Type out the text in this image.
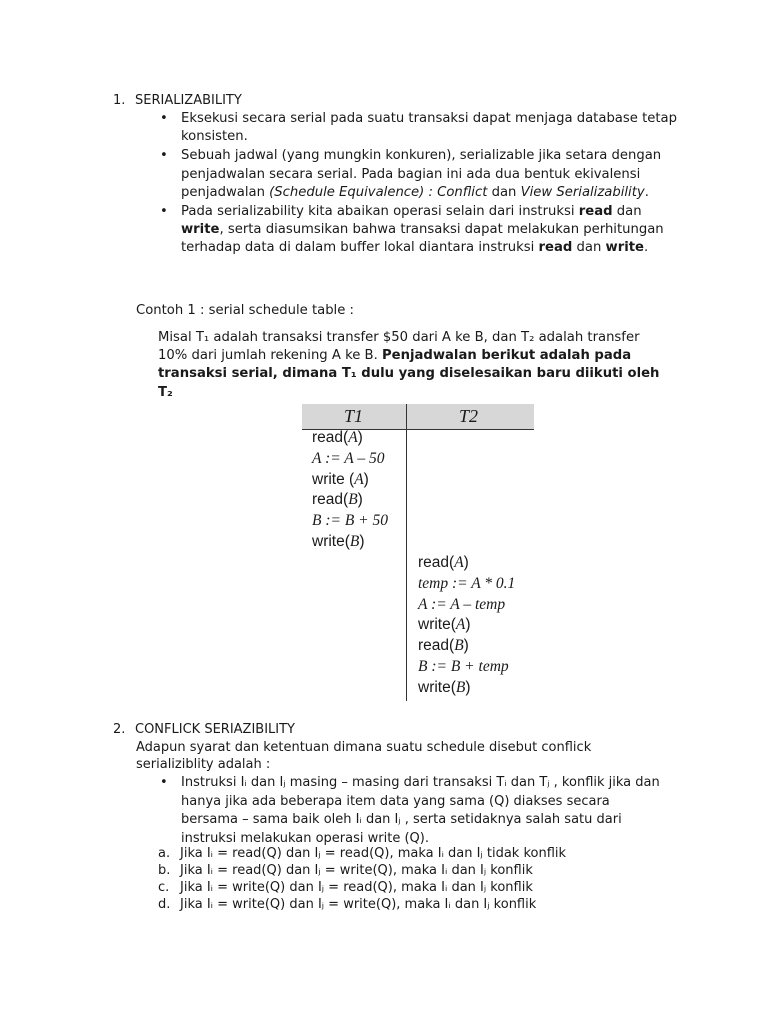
1. SERIALIZABILITY
• Eksekusi secara serial pada suatu transaksi dapat menjaga database tetap konsisten.
• Sebuah jadwal (yang mungkin konkuren), serializable jika setara dengan penjadwalan secara serial. Pada bagian ini ada dua bentuk ekivalensi penjadwalan (Schedule Equivalence) : Conflict dan View Serializability.
• Pada serializability kita abaikan operasi selain dari instruksi read dan write, serta diasumsikan bahwa transaksi dapat melakukan perhitungan terhadap data di dalam buffer lokal diantara instruksi read dan write.
Contoh 1 : serial schedule table :
Misal T₁ adalah transaksi transfer $50 dari A ke B, dan T₂ adalah transfer 10% dari jumlah rekening A ke B. Penjadwalan berikut adalah pada transaksi serial, dimana T₁ dulu yang diselesaikan baru diikuti oleh T₂
T1	T2
read(A)
A := A – 50
write (A)
read(B)
B := B + 50
write(B)
read(A)
temp := A * 0.1
A := A – temp
write(A)
read(B)
B := B + temp
write(B)
2. CONFLICK SERIAZIBILITY
Adapun syarat dan ketentuan dimana suatu schedule disebut conflick serializiblity adalah :
• Instruksi Iᵢ dan Iⱼ masing – masing dari transaksi Tᵢ dan Tⱼ , konflik jika dan hanya jika ada beberapa item data yang sama (Q) diakses secara bersama – sama baik oleh Iᵢ dan Iⱼ , serta setidaknya salah satu dari instruksi melakukan operasi write (Q).
a. Jika Iᵢ = read(Q) dan Iⱼ = read(Q), maka Iᵢ dan Iⱼ tidak konflik
b. Jika Iᵢ = read(Q) dan Iⱼ = write(Q), maka Iᵢ dan Iⱼ konflik
c. Jika Iᵢ = write(Q) dan Iⱼ = read(Q), maka Iᵢ dan Iⱼ konflik
d. Jika Iᵢ = write(Q) dan Iⱼ = write(Q), maka Iᵢ dan Iⱼ konflik
